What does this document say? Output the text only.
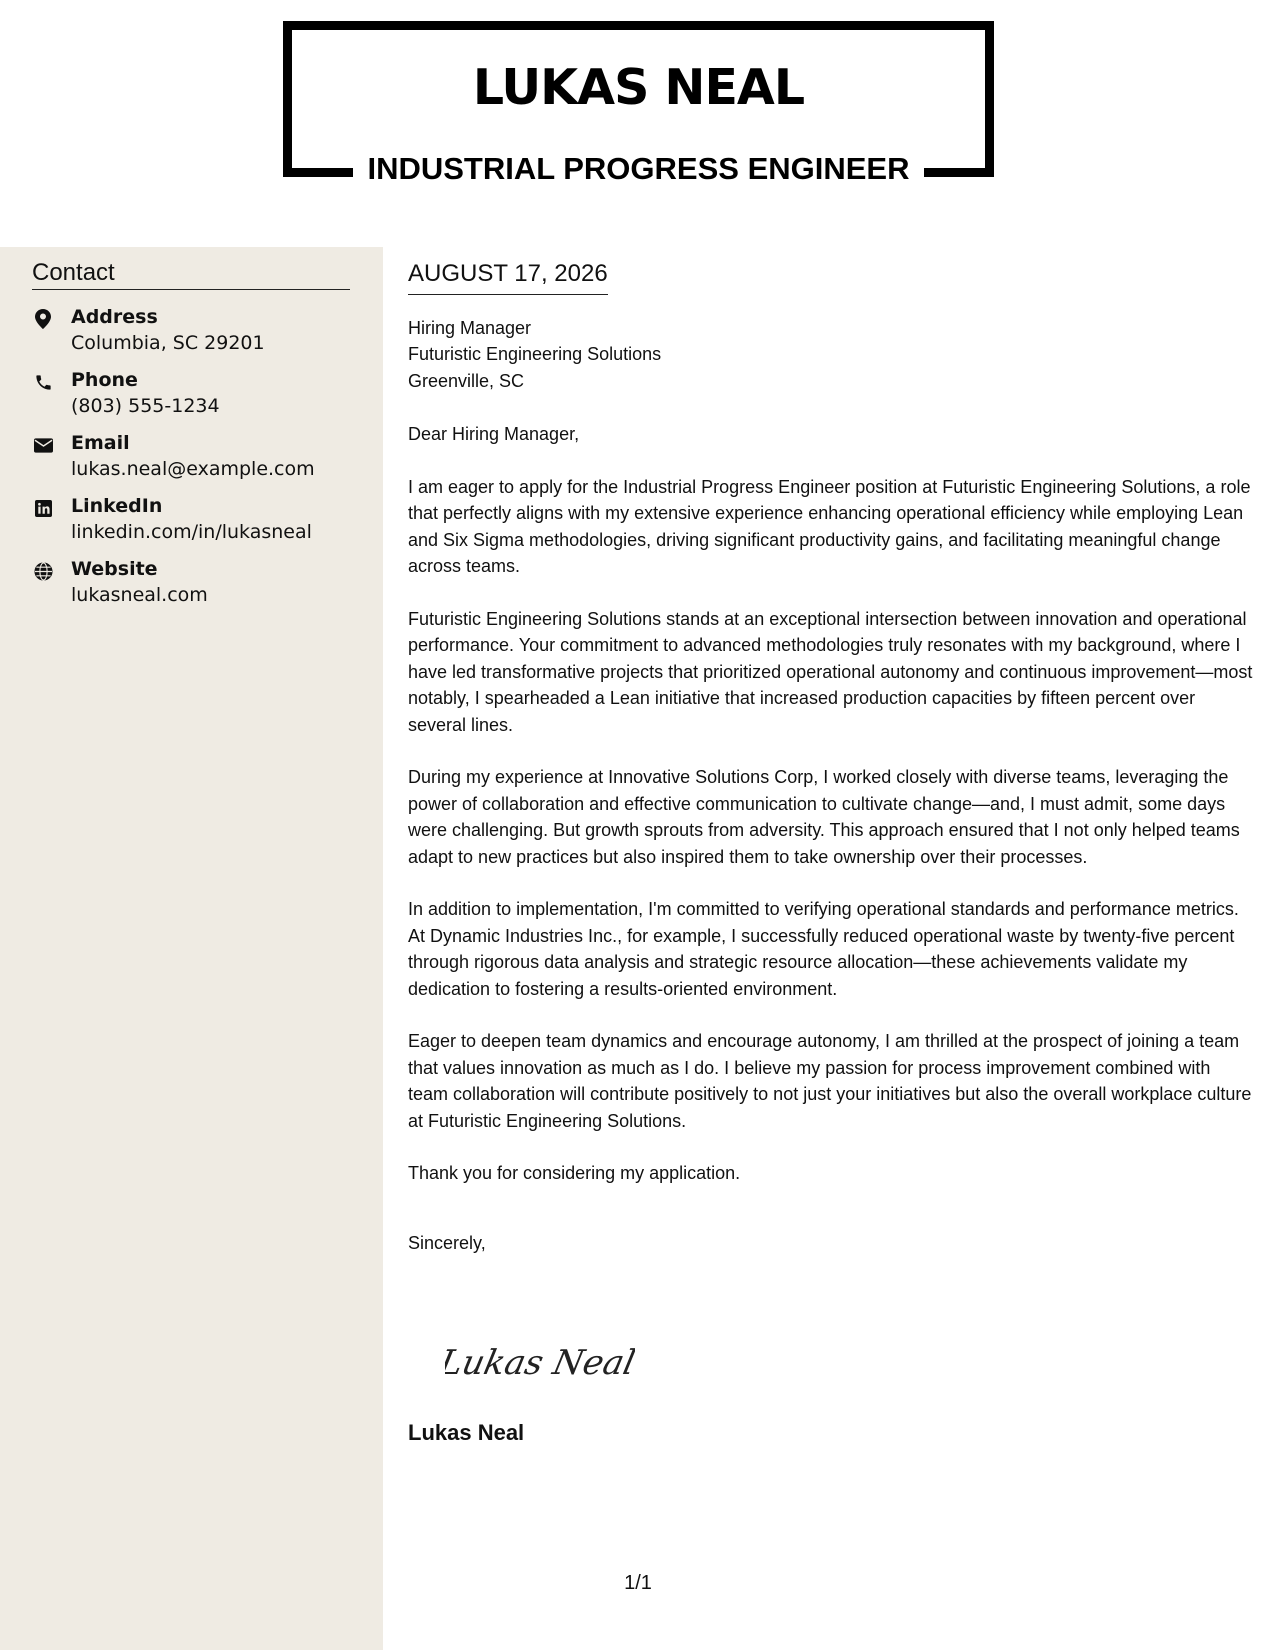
LUKAS NEAL
INDUSTRIAL PROGRESS ENGINEER
Contact
Address
Columbia, SC 29201
Phone
(803) 555-1234
Email
lukas.neal@example.com
LinkedIn
linkedin.com/in/lukasneal
Website
lukasneal.com
AUGUST 17, 2026
Hiring Manager
Futuristic Engineering Solutions
Greenville, SC
Dear Hiring Manager,

I am eager to apply for the Industrial Progress Engineer position at Futuristic Engineering Solutions, a role that perfectly aligns with my extensive experience enhancing operational efficiency while employing Lean and Six Sigma methodologies, driving significant productivity gains, and facilitating meaningful change across teams.

Futuristic Engineering Solutions stands at an exceptional intersection between innovation and operational performance. Your commitment to advanced methodologies truly resonates with my background, where I have led transformative projects that prioritized operational autonomy and continuous improvement—most notably, I spearheaded a Lean initiative that increased production capacities by fifteen percent over several lines.

During my experience at Innovative Solutions Corp, I worked closely with diverse teams, leveraging the power of collaboration and effective communication to cultivate change—and, I must admit, some days were challenging. But growth sprouts from adversity. This approach ensured that I not only helped teams adapt to new practices but also inspired them to take ownership over their processes.

In addition to implementation, I'm committed to verifying operational standards and performance metrics. At Dynamic Industries Inc., for example, I successfully reduced operational waste by twenty-five percent through rigorous data analysis and strategic resource allocation—these achievements validate my dedication to fostering a results-oriented environment.

Eager to deepen team dynamics and encourage autonomy, I am thrilled at the prospect of joining a team that values innovation as much as I do. I believe my passion for process improvement combined with team collaboration will contribute positively to not just your initiatives but also the overall workplace culture at Futuristic Engineering Solutions.

Thank you for considering my application.

Sincerely,
Lukas Neal
Lukas Neal
1/1
